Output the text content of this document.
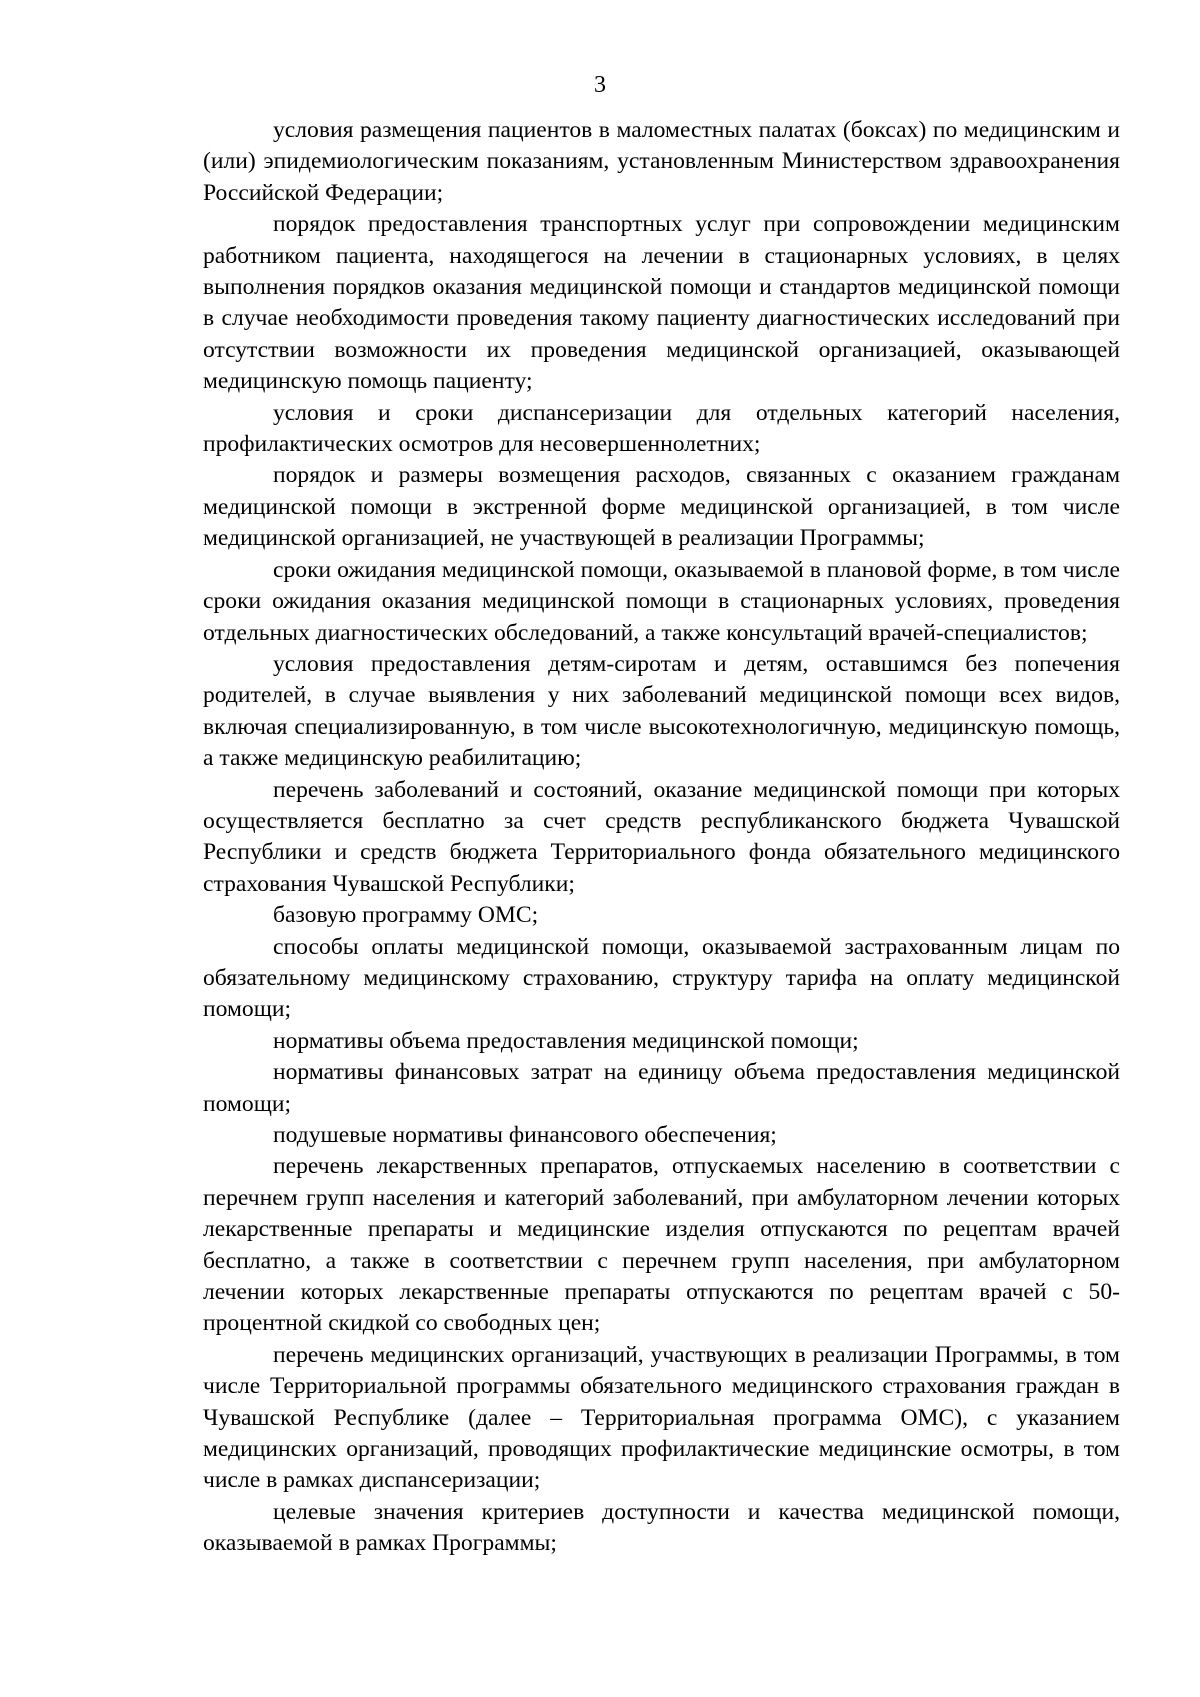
3

условия размещения пациентов в маломестных палатах (боксах) по медицинским и (или) эпидемиологическим показаниям, установленным Министерством здравоохранения Российской Федерации;

порядок предоставления транспортных услуг при сопровождении медицинским работником пациента, находящегося на лечении в стационарных условиях, в целях выполнения порядков оказания медицинской помощи и стандартов медицинской помощи в случае необходимости проведения такому пациенту диагностических исследований при отсутствии возможности их проведения медицинской организацией, оказывающей медицинскую помощь пациенту;

условия и сроки диспансеризации для отдельных категорий населения, профилактических осмотров для несовершеннолетних;

порядок и размеры возмещения расходов, связанных с оказанием гражданам медицинской помощи в экстренной форме медицинской организацией, в том числе медицинской организацией, не участвующей в реализации Программы;

сроки ожидания медицинской помощи, оказываемой в плановой форме, в том числе сроки ожидания оказания медицинской помощи в стационарных условиях, проведения отдельных диагностических обследований, а также консультаций врачей-специалистов;

условия предоставления детям-сиротам и детям, оставшимся без попечения родителей, в случае выявления у них заболеваний медицинской помощи всех видов, включая специализированную, в том числе высокотехнологичную, медицинскую помощь, а также медицинскую реабилитацию;

перечень заболеваний и состояний, оказание медицинской помощи при которых осуществляется бесплатно за счет средств республиканского бюджета Чувашской Республики и средств бюджета Территориального фонда обязательного медицинского страхования Чувашской Республики;

базовую программу ОМС;

способы оплаты медицинской помощи, оказываемой застрахованным лицам по обязательному медицинскому страхованию, структуру тарифа на оплату медицинской помощи;

нормативы объема предоставления медицинской помощи;

нормативы финансовых затрат на единицу объема предоставления медицинской помощи;

подушевые нормативы финансового обеспечения;

перечень лекарственных препаратов, отпускаемых населению в соответствии с перечнем групп населения и категорий заболеваний, при амбулаторном лечении которых лекарственные препараты и медицинские изделия отпускаются по рецептам врачей бесплатно, а также в соответствии с перечнем групп населения, при амбулаторном лечении которых лекарственные препараты отпускаются по рецептам врачей с 50-процентной скидкой со свободных цен;

перечень медицинских организаций, участвующих в реализации Программы, в том числе Территориальной программы обязательного медицинского страхования граждан в Чувашской Республике (далее – Территориальная программа ОМС), с указанием медицинских организаций, проводящих профилактические медицинские осмотры, в том числе в рамках диспансеризации;

целевые значения критериев доступности и качества медицинской помощи, оказываемой в рамках Программы;
